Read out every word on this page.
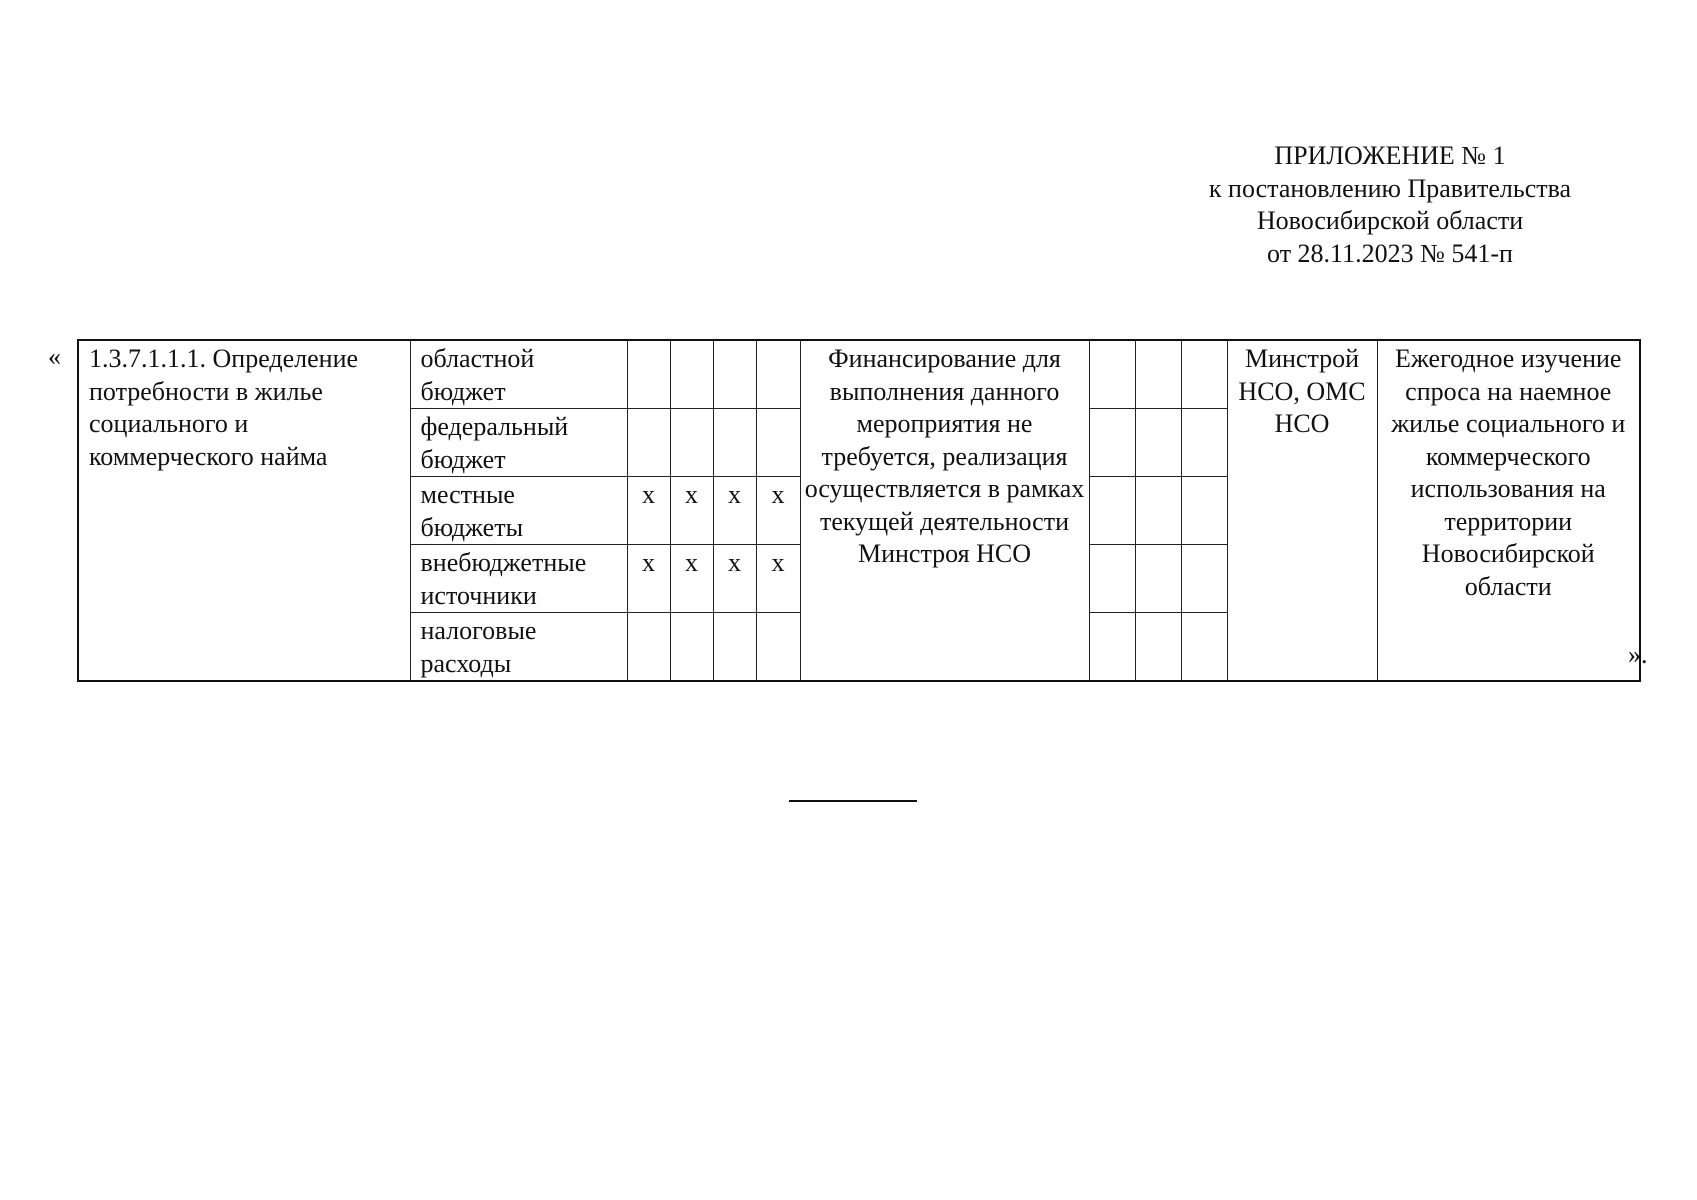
ПРИЛОЖЕНИЕ № 1
к постановлению Правительства
Новосибирской области
от 28.11.2023 № 541-п
« 1.3.7.1.1.1. Определение потребности в жилье социального и коммерческого найма	областной бюджет					Финансирование для выполнения данного мероприятия не требуется, реализация осуществляется в рамках текущей деятельности Минстроя НСО				Минстрой НСО, ОМС НСО	Ежегодное изучение спроса на наемное жилье социального и коммерческого использования на территории Новосибирской области
	федеральный бюджет										
	местные бюджеты	х	х	х	х						
	внебюджетные источники	х	х	х	х						
	налоговые расходы											».
